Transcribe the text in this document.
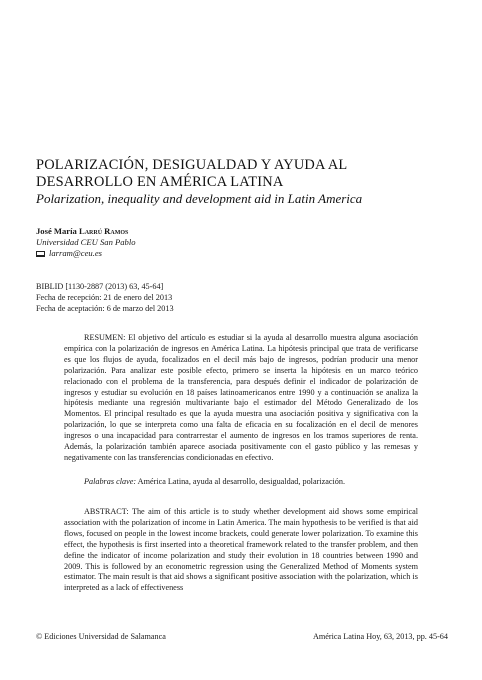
POLARIZACIÓN, DESIGUALDAD Y AYUDA AL DESARROLLO EN AMÉRICA LATINA
Polarization, inequality and development aid in Latin America
José María Larrú Ramos
Universidad CEU San Pablo
larram@ceu.es
BIBLID [1130-2887 (2013) 63, 45-64]
Fecha de recepción: 21 de enero del 2013
Fecha de aceptación: 6 de marzo del 2013

RESUMEN: El objetivo del artículo es estudiar si la ayuda al desarrollo muestra alguna asociación empírica con la polarización de ingresos en América Latina. La hipótesis principal que trata de verificarse es que los flujos de ayuda, focalizados en el decil más bajo de ingresos, podrían producir una menor polarización. Para analizar este posible efecto, primero se inserta la hipótesis en un marco teórico relacionado con el problema de la transferencia, para después definir el indicador de polarización de ingresos y estudiar su evolución en 18 países latinoamericanos entre 1990 y a continuación se analiza la hipótesis mediante una regresión multivariante bajo el estimador del Método Generalizado de los Momentos. El principal resultado es que la ayuda muestra una asociación positiva y significativa con la polarización, lo que se interpreta como una falta de eficacia en su focalización en el decil de menores ingresos o una incapacidad para contrarrestar el aumento de ingresos en los tramos superiores de renta. Además, la polarización también aparece asociada positivamente con el gasto público y las remesas y negativamente con las transferencias condicionadas en efectivo.

Palabras clave: América Latina, ayuda al desarrollo, desigualdad, polarización.

ABSTRACT: The aim of this article is to study whether development aid shows some empirical association with the polarization of income in Latin America. The main hypothesis to be verified is that aid flows, focused on people in the lowest income brackets, could generate lower polarization. To examine this effect, the hypothesis is first inserted into a theoretical framework related to the transfer problem, and then define the indicator of income polarization and study their evolution in 18 countries between 1990 and 2009. This is followed by an econometric regression using the Generalized Method of Moments system estimator. The main result is that aid shows a significant positive association with the polarization, which is interpreted as a lack of effectiveness

© Ediciones Universidad de Salamanca	América Latina Hoy, 63, 2013, pp. 45-64
